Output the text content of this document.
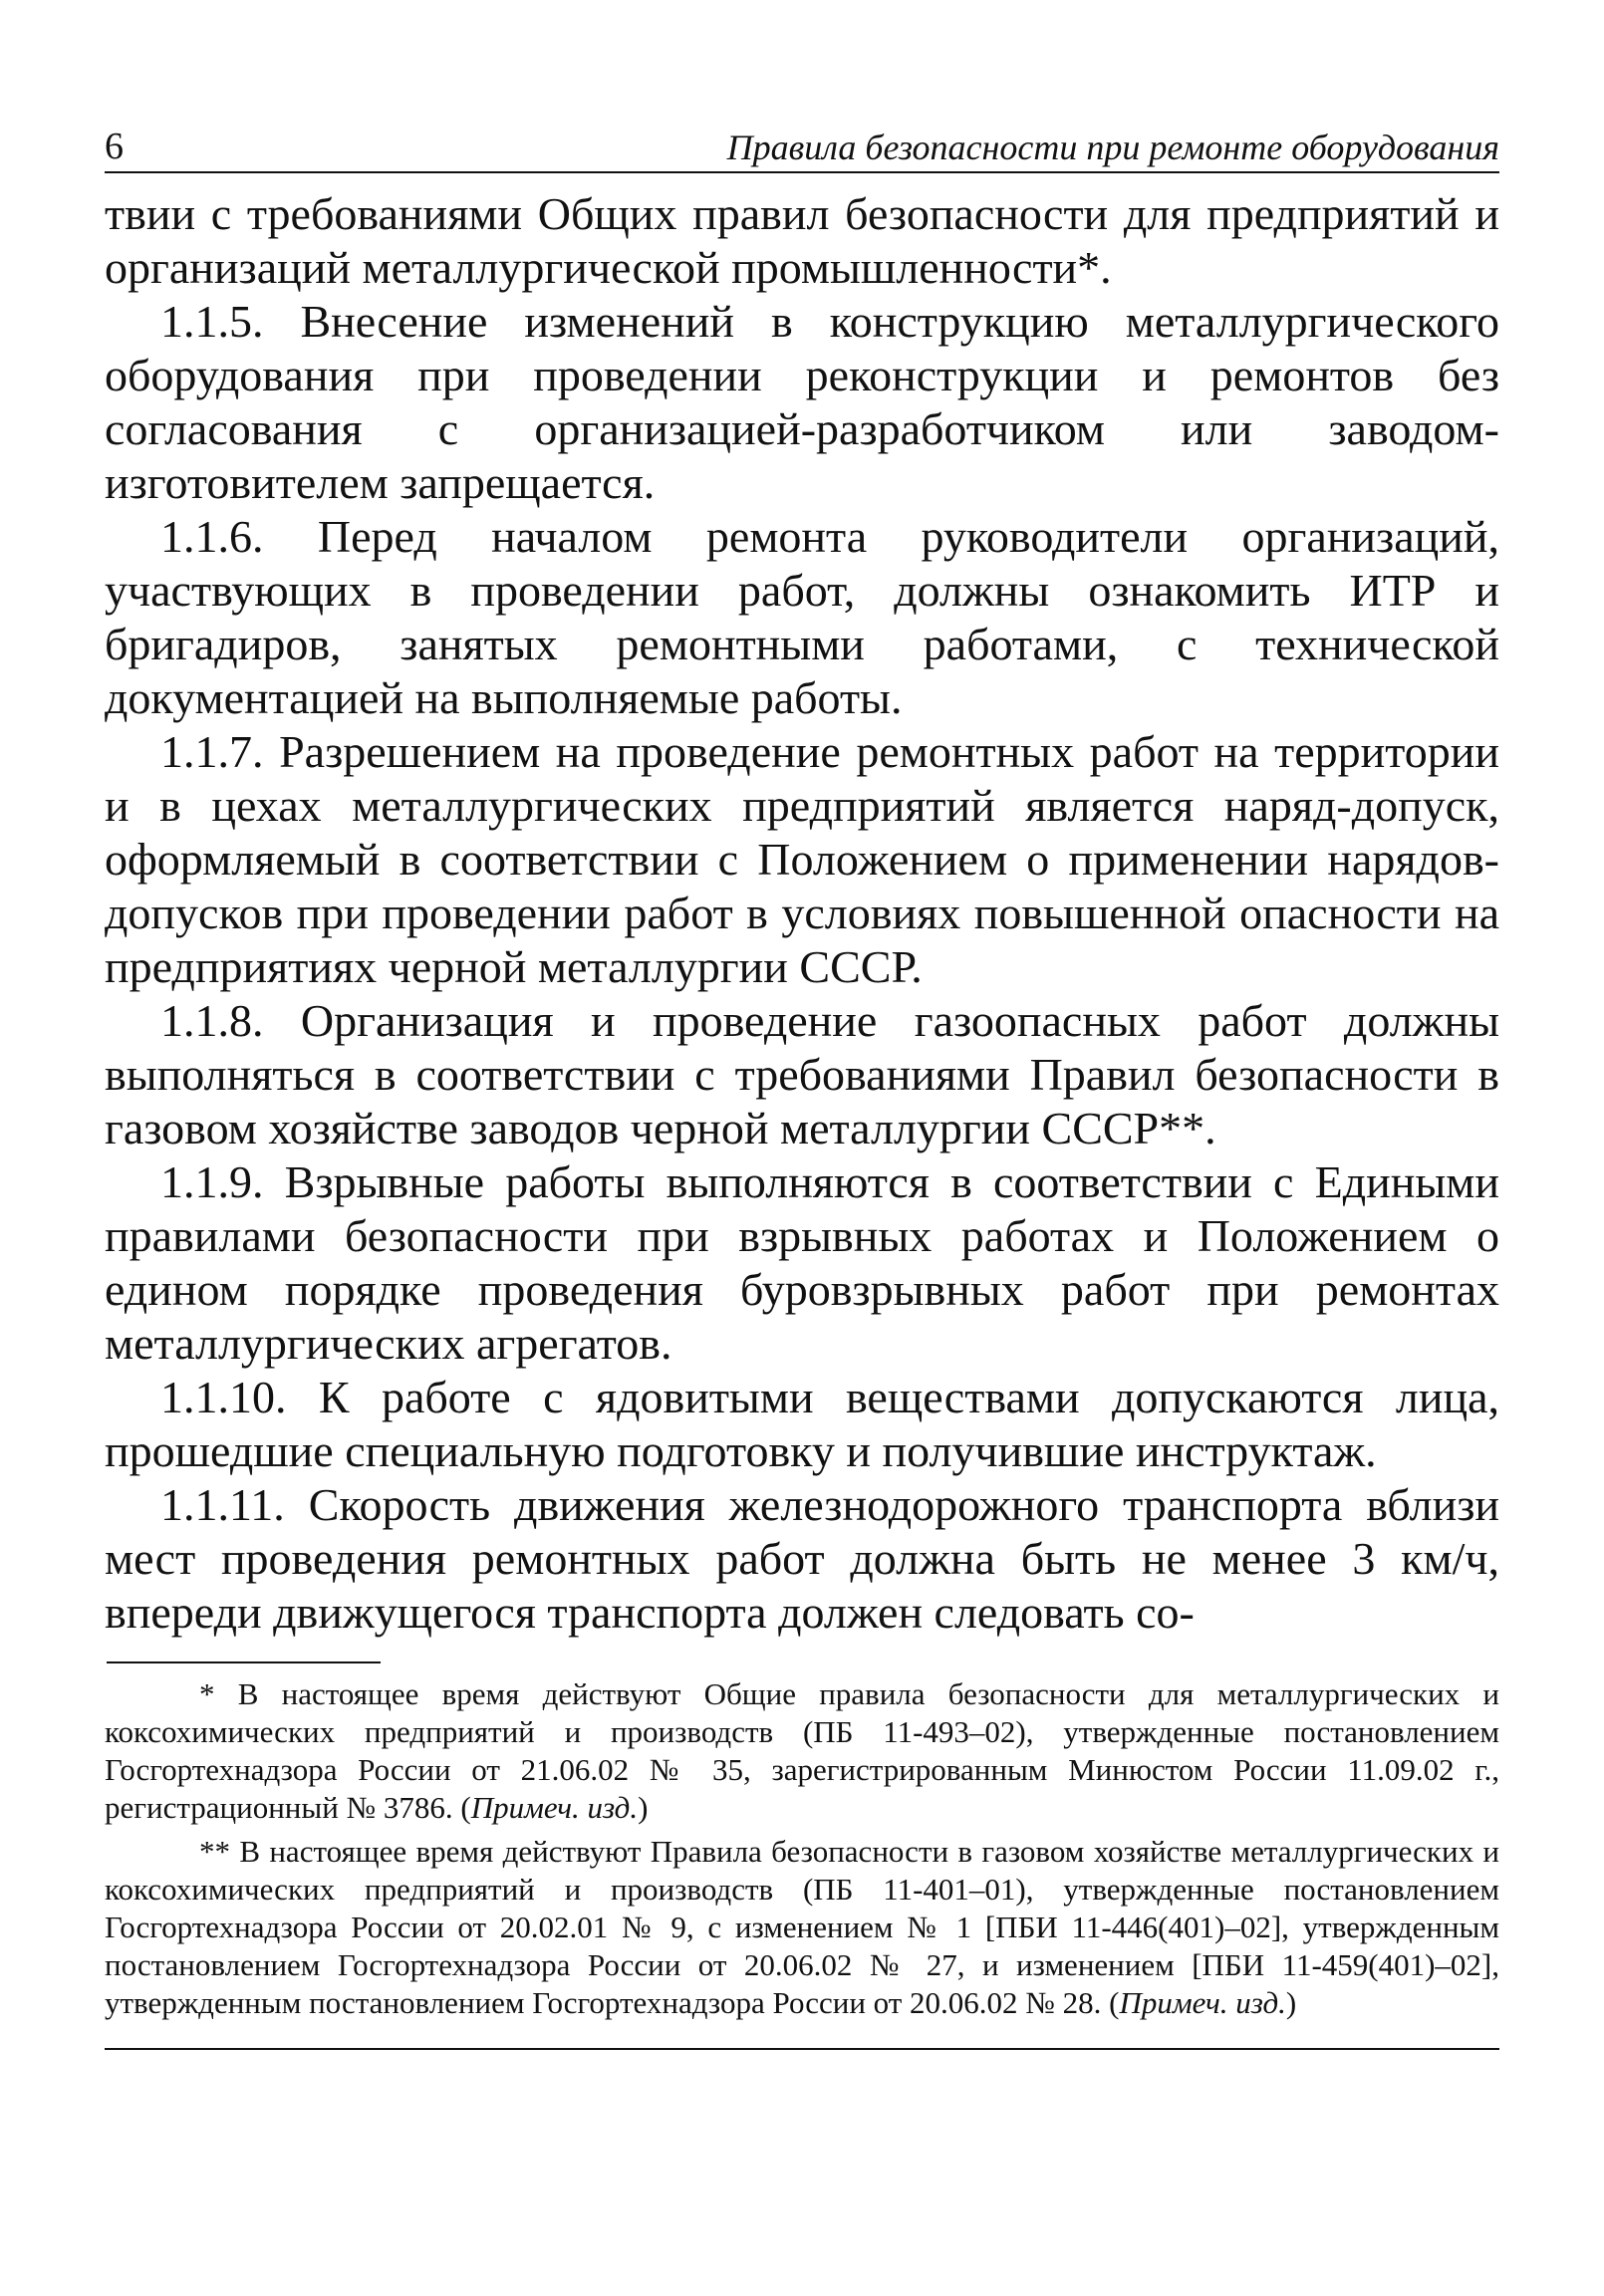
6	Правила безопасности при ремонте оборудования

твии с требованиями Общих правил безопасности для предприятий и организаций металлургической промышленности*.

1.1.5. Внесение изменений в конструкцию металлургического оборудования при проведении реконструкции и ремонтов без согласования с организацией-разработчиком или заводом-изготовителем запрещается.

1.1.6. Перед началом ремонта руководители организаций, участвующих в проведении работ, должны ознакомить ИТР и бригадиров, занятых ремонтными работами, с технической документацией на выполняемые работы.

1.1.7. Разрешением на проведение ремонтных работ на территории и в цехах металлургических предприятий является наряд-допуск, оформляемый в соответствии с Положением о применении нарядов-допусков при проведении работ в условиях повышенной опасности на предприятиях черной металлургии СССР.

1.1.8. Организация и проведение газоопасных работ должны выполняться в соответствии с требованиями Правил безопасности в газовом хозяйстве заводов черной металлургии СССР**.

1.1.9. Взрывные работы выполняются в соответствии с Едиными правилами безопасности при взрывных работах и Положением о едином порядке проведения буровзрывных работ при ремонтах металлургических агрегатов.

1.1.10. К работе с ядовитыми веществами допускаются лица, прошедшие специальную подготовку и получившие инструктаж.

1.1.11. Скорость движения железнодорожного транспорта вблизи мест проведения ремонтных работ должна быть не менее 3 км/ч, впереди движущегося транспорта должен следовать со-

* В настоящее время действуют Общие правила безопасности для металлургических и коксохимических предприятий и производств (ПБ 11-493–02), утвержденные постановлением Госгортехнадзора России от 21.06.02 № 35, зарегистрированным Минюстом России 11.09.02 г., регистрационный № 3786. (Примеч. изд.)

** В настоящее время действуют Правила безопасности в газовом хозяйстве металлургических и коксохимических предприятий и производств (ПБ 11-401–01), утвержденные постановлением Госгортехнадзора России от 20.02.01 № 9, с изменением № 1 [ПБИ 11-446(401)–02], утвержденным постановлением Госгортехнадзора России от 20.06.02 № 27, и изменением [ПБИ 11-459(401)–02], утвержденным постановлением Госгортехнадзора России от 20.06.02 № 28. (Примеч. изд.)
